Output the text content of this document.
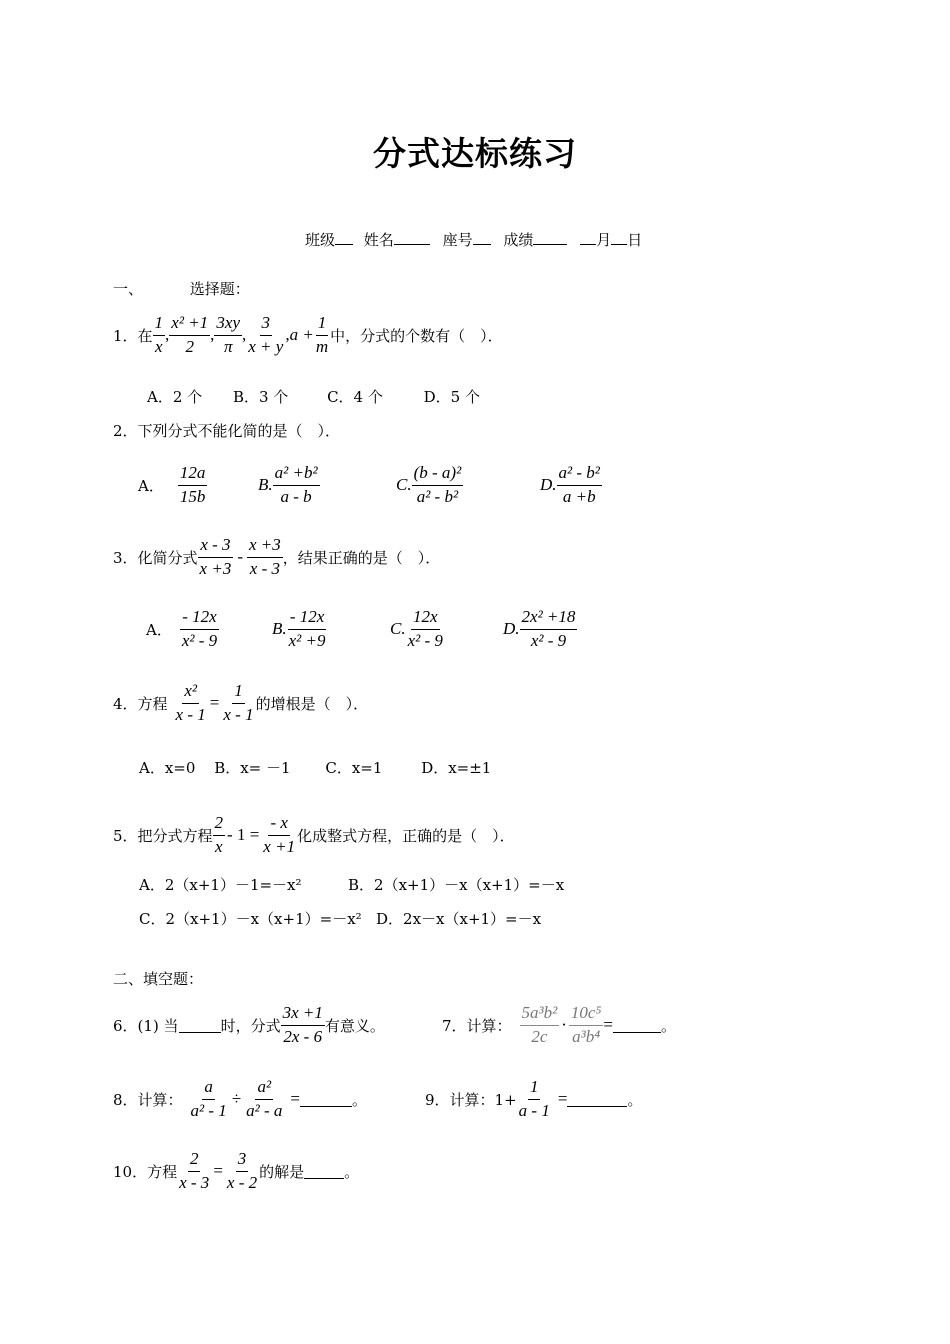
分式达标练习
班级 姓名	座号 成绩	月 日
一、	选择题：
1．在 $\frac{1}{x}$ , $\frac{\text{x² +1}}{2}$ , $\frac{3xy}{\pi}$ , $\frac{3}{x + y}$ , $a + \frac{1}{m}$ 中，分式的个数有（　）．
A．2 个 B．3 个	C．4 个	D．5 个
2．下列分式不能化简的是（　）．
A． $\frac{12a}{15b}$	B. $\frac{\text{a² +b²}}{a - b}$	C. $\frac{\text{(b - a)²}}{\text{a² - b²}}$	D. $\frac{\text{a² - b²}}{a +b}$
3．化简分式 $\frac{x - 3}{x +3} - \frac{x +3}{x - 3}$ ，结果正确的是（　）．
A． $\frac{- 12x}{\text{x² - 9}}$	B. $\frac{- 12x}{\text{x² +9}}$	C. $\frac{12x}{\text{x² - 9}}$	D. $\frac{\text{2x² +18}}{\text{x² - 9}}$
4．方程 $\frac{\text{x²}}{x - 1} = \frac{1}{x - 1}$ 的增根是（　）．
A．x=0 B．x= －1 C．x=1	D．x=±1
5．把分式方程 $\frac{2}{x} - 1 = \frac{- x}{x +1}$ 化成整式方程，正确的是（　）．
A．2（x+1）－1=－x²	B．2（x+1）－x（x+1）=－x
C．2（x+1）－x（x+1）=－x² D．2x－x（x+1）=－x
二、填空题：
6．(1) 当	时，分式 $\frac{3x +1}{2x - 6}$ 有意义。	7．计算： $\frac{\text{5a³b²}}{2c} \cdot \frac{\text{10c⁵}}{\text{a³b⁴}}$ =	。
8．计算： $\frac{a}{\text{a² - 1}} \div \frac{\text{a²}}{\text{a² - a}}$ =	。	9．计算：$1+ \frac{1}{a - 1}$ =	。
10．方程 $\frac{2}{x - 3} = \frac{3}{x - 2}$ 的解是	。
